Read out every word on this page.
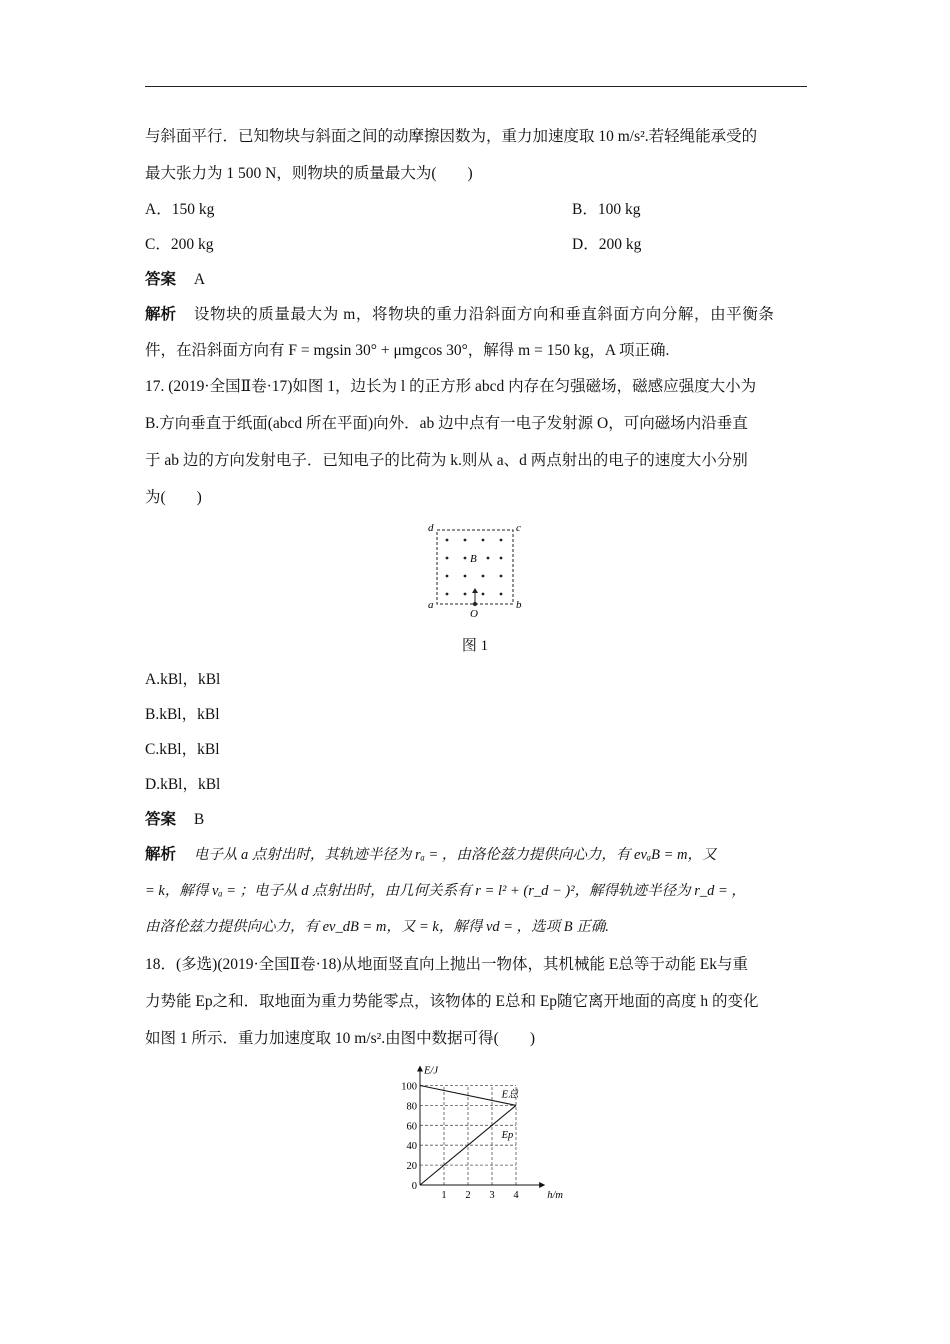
与斜面平行．已知物块与斜面之间的动摩擦因数为，重力加速度取 10 m/s².若轻绳能承受的
最大张力为 1 500 N，则物块的质量最大为(　　)
A．150 kg	B．100 kg
C．200 kg	D．200 kg
答案 A
解析 设物块的质量最大为 m，将物块的重力沿斜面方向和垂直斜面方向分解，由平衡条
件，在沿斜面方向有 F = mgsin 30° + μmgcos 30°，解得 m = 150 kg，A 项正确.
17. (2019·全国Ⅱ卷·17)如图 1，边长为 l 的正方形 abcd 内存在匀强磁场，磁感应强度大小为
B.方向垂直于纸面(abcd 所在平面)向外．ab 边中点有一电子发射源 O，可向磁场内沿垂直
于 ab 边的方向发射电子．已知电子的比荷为 k.则从 a、d 两点射出的电子的速度大小分别
为(　　)
d	c
a	b
B
O
图 1
A.kBl，kBl
B.kBl，kBl
C.kBl，kBl
D.kBl，kBl
答案 B
解析 电子从 a 点射出时，其轨迹半径为 rₐ = ，由洛伦兹力提供向心力，有 evₐB = m，又
= k，解得 vₐ = ；电子从 d 点射出时，由几何关系有 r = l² + (r_d − )²，解得轨迹半径为 r_d = ，
由洛伦兹力提供向心力，有 ev_dB = m，又 = k，解得 vd = ，选项 B 正确.
18．(多选)(2019·全国Ⅱ卷·18)从地面竖直向上抛出一物体，其机械能 E总等于动能 Ek与重
力势能 Ep之和．取地面为重力势能零点，该物体的 E总和 Ep随它离开地面的高度 h 的变化
如图 1 所示．重力加速度取 10 m/s².由图中数据可得(　　)
0
20
40
60
80
100
1 2 3 4
E/J
h/m
E总
Ep
